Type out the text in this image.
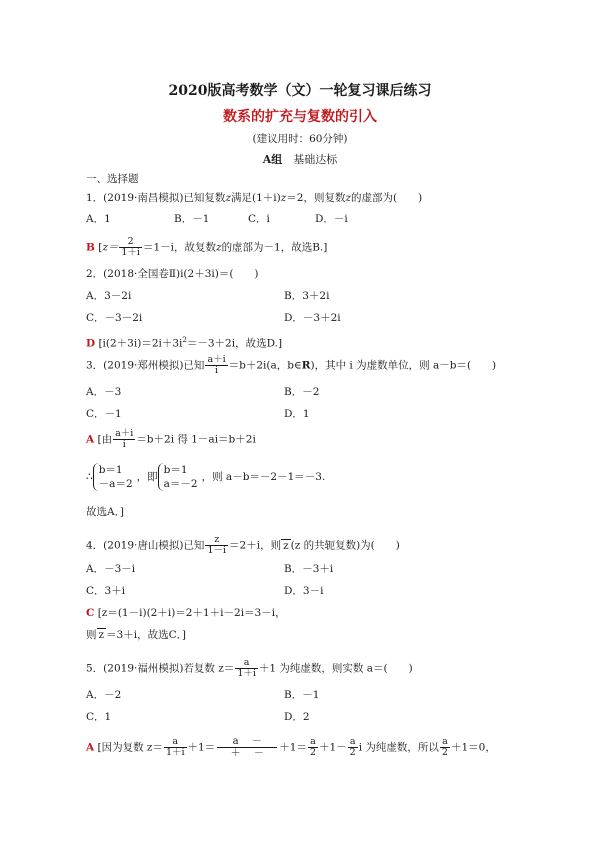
2020版高考数学（文）一轮复习课后练习
数系的扩充与复数的引入
(建议用时：60分钟)
A组　 基础达标
一、选择题
1．(2019·南昌模拟)已知复数z满足(1＋i)z＝2，则复数z的虚部为(　　)
A．1	B．－1	C．i	D．－i
B [$z= \frac{2}{1+i} =1-i$，故复数z的虚部为－1，故选B.]
2．(2018·全国卷Ⅱ)i(2＋3i)＝(　　)
A．3－2i	B．3＋2i
C．－3－2i	D．－3＋2i
D [$i(2+3i)=2i+3i^2=-3+2i$，故选D.]
3．(2019·郑州模拟)已知 $\frac{a+i}{i} =b+2i(a$，b∈R)，其中 i 为虚数单位，则 a－b＝(　　)
A．－3	B．－2
C．－1	D．1
A [由 $\frac{a+i}{i} =b+2i$ 得 1－ai＝b＋2i
∴
b＝1
－a＝2
，即
b＝1
a＝－2
，则 a－b＝－2－1＝－3.
故选A．]
4．(2019·唐山模拟)已知 $\frac{z}{1-i} =2+i$，则 z (z 的共轭复数)为(　　)
A．－3－i	B．－3＋i
C．3＋i	D．3－i
C [z＝(1－i)(2＋i)＝2＋1＋i－2i＝3－i，
则 z ＝3＋i，故选C．]
5．(2019·福州模拟)若复数 $z= \frac{a}{1+i} +1$ 为纯虚数，则实数 a＝(　　)
A．－2	B．－1
C．1	D．2
A [因为复数 $z= \frac{a}{1+i} +1=$	a　 －
＋　 －	$+1= \frac{a}{2} +1- \frac{a}{2}$ i 为纯虚数，所以 $\frac{a}{2} +1=0$，
